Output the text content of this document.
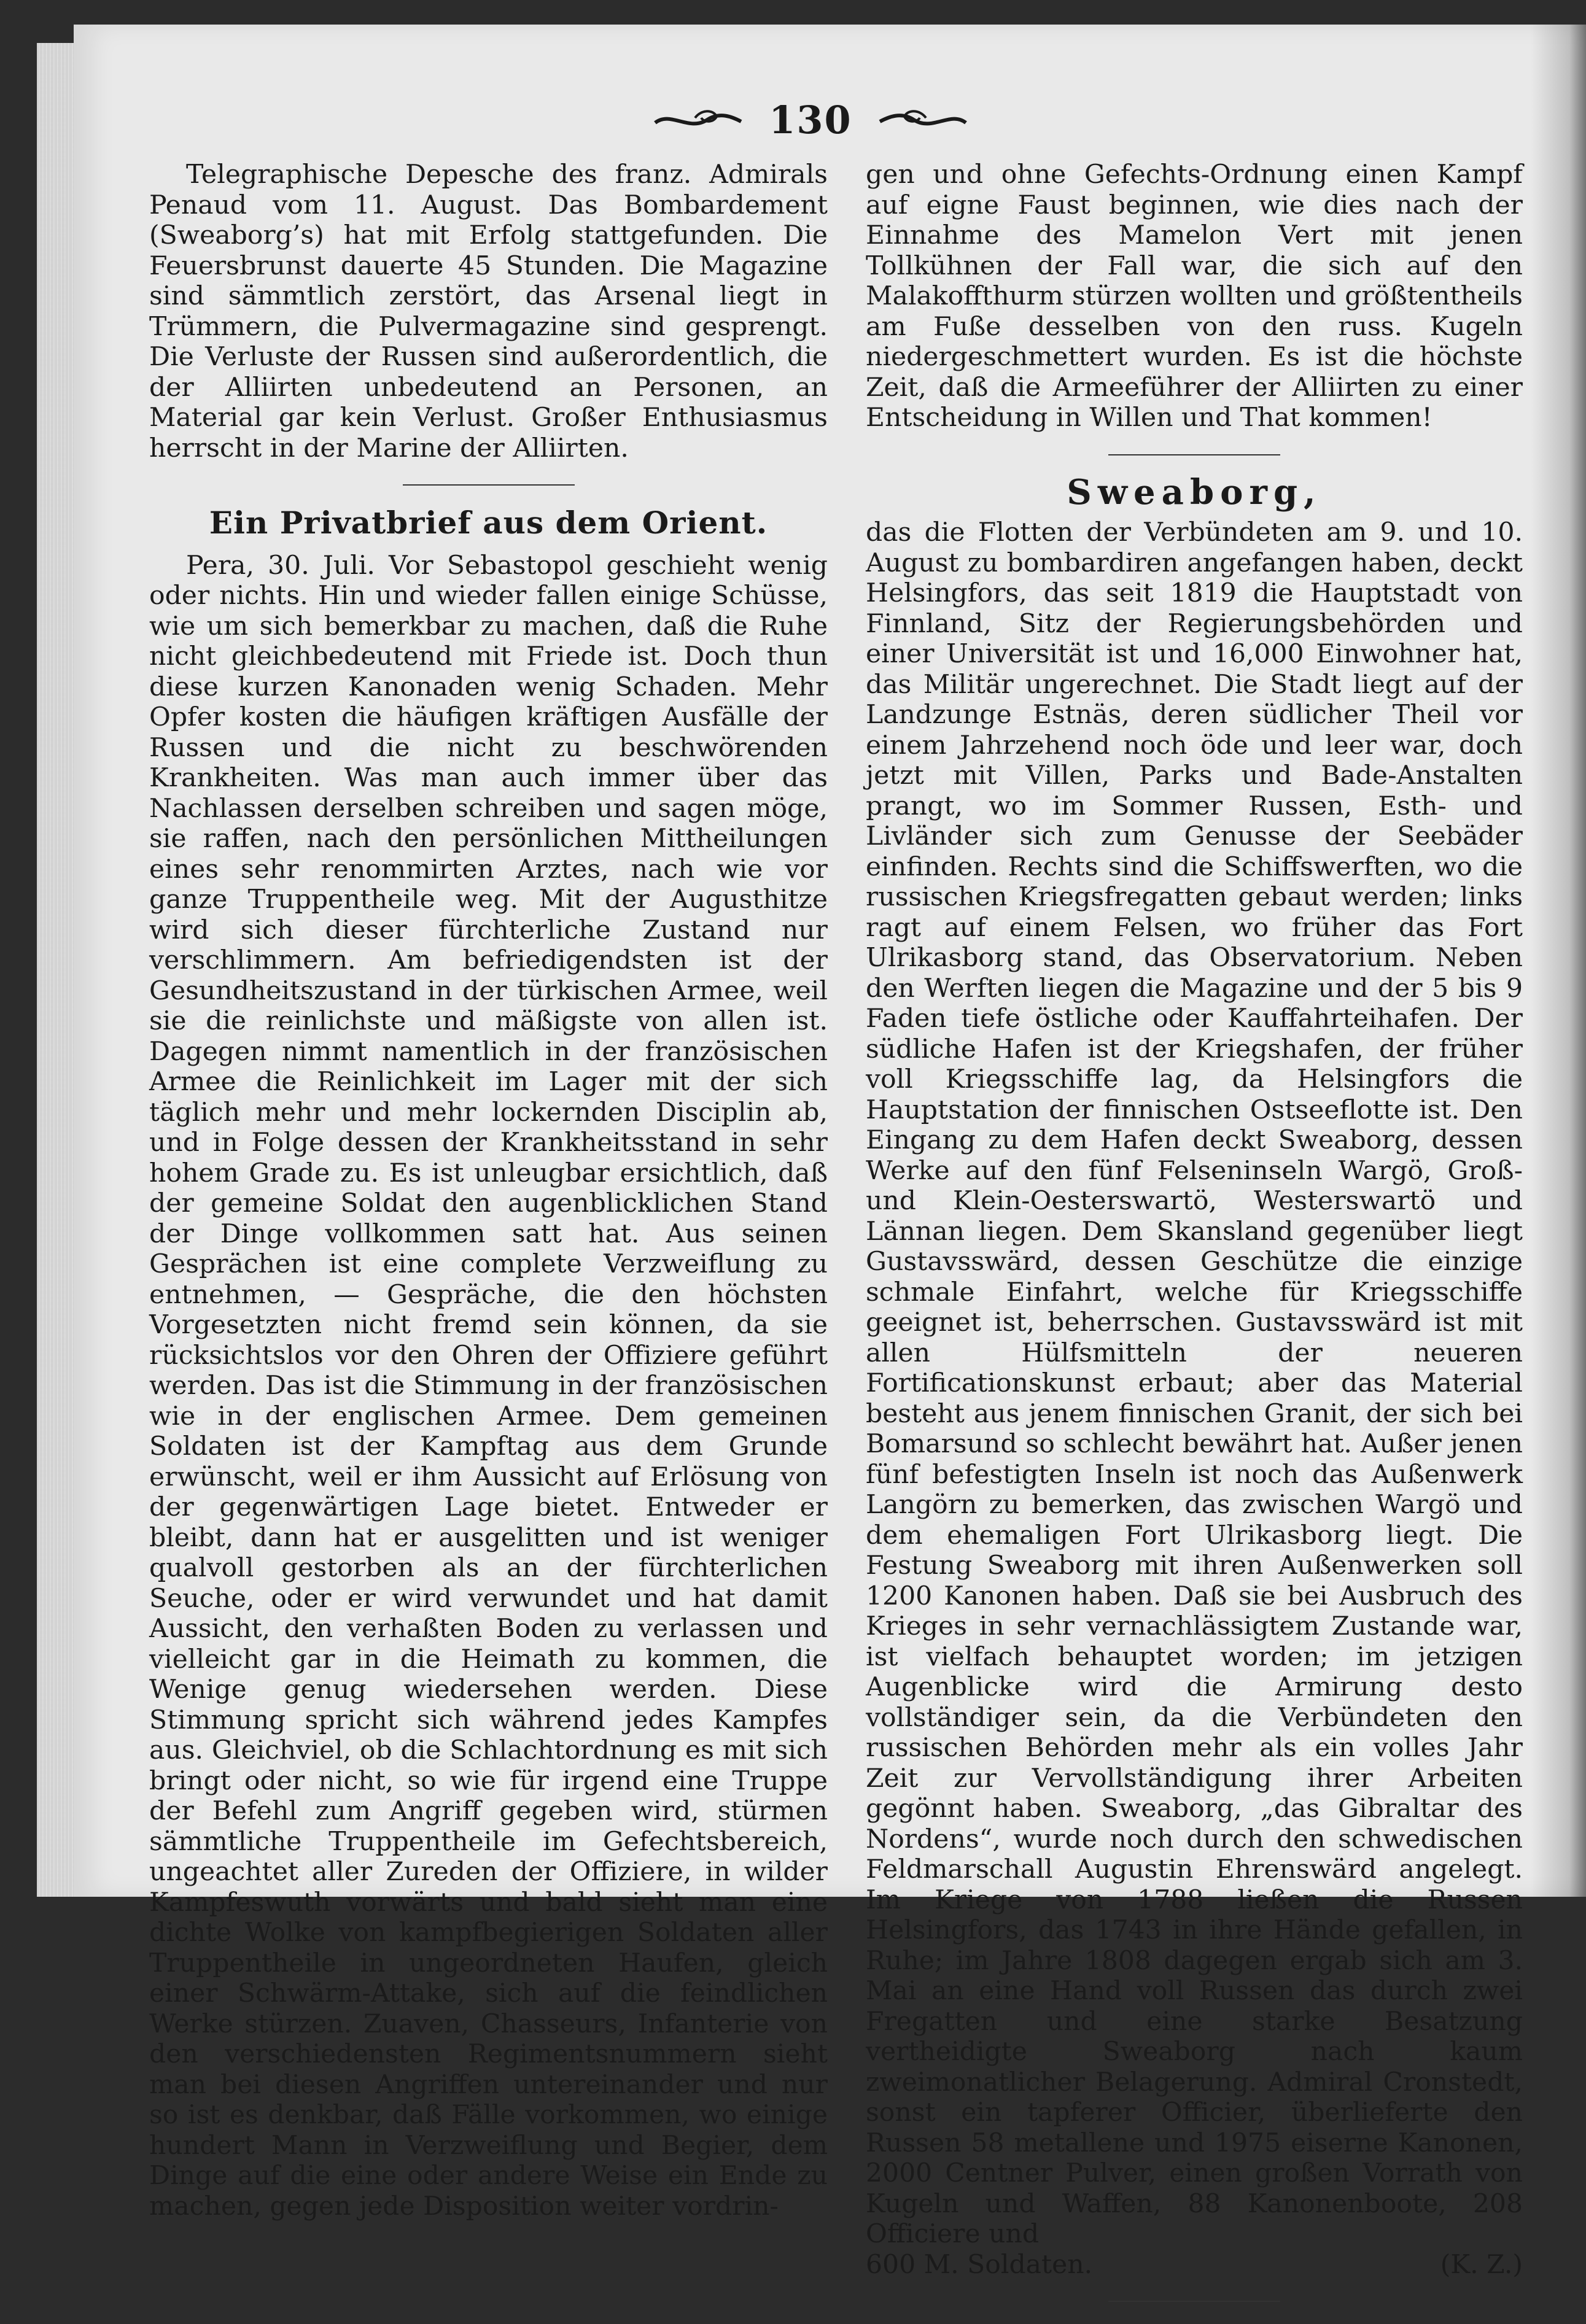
130

Telegraphische Depesche des franz. Admirals Penaud vom 11. August. Das Bombardement (Sweaborg’s) hat mit Erfolg stattgefunden. Die Feuersbrunst dauerte 45 Stunden. Die Magazine sind sämmtlich zerstört, das Arsenal liegt in Trümmern, die Pulvermagazine sind gesprengt. Die Verluste der Russen sind außerordentlich, die der Alliirten unbedeutend an Personen, an Material gar kein Verlust. Großer Enthusiasmus herrscht in der Marine der Alliirten.

Ein Privatbrief aus dem Orient.

Pera, 30. Juli. Vor Sebastopol geschieht wenig oder nichts. Hin und wieder fallen einige Schüsse, wie um sich bemerkbar zu machen, daß die Ruhe nicht gleichbedeutend mit Friede ist. Doch thun diese kurzen Kanonaden wenig Schaden. Mehr Opfer kosten die häufigen kräftigen Ausfälle der Russen und die nicht zu beschwörenden Krankheiten. Was man auch immer über das Nachlassen derselben schreiben und sagen möge, sie raffen, nach den persönlichen Mittheilungen eines sehr renommirten Arztes, nach wie vor ganze Truppentheile weg. Mit der Augusthitze wird sich dieser fürchterliche Zustand nur verschlimmern. Am befriedigendsten ist der Gesundheitszustand in der türkischen Armee, weil sie die reinlichste und mäßigste von allen ist. Dagegen nimmt namentlich in der französischen Armee die Reinlichkeit im Lager mit der sich täglich mehr und mehr lockernden Disciplin ab, und in Folge dessen der Krankheitsstand in sehr hohem Grade zu. Es ist unleugbar ersichtlich, daß der gemeine Soldat den augenblicklichen Stand der Dinge vollkommen satt hat. Aus seinen Gesprächen ist eine complete Verzweiflung zu entnehmen, — Gespräche, die den höchsten Vorgesetzten nicht fremd sein können, da sie rücksichtslos vor den Ohren der Offiziere geführt werden. Das ist die Stimmung in der französischen wie in der englischen Armee. Dem gemeinen Soldaten ist der Kampftag aus dem Grunde erwünscht, weil er ihm Aussicht auf Erlösung von der gegenwärtigen Lage bietet. Entweder er bleibt, dann hat er ausgelitten und ist weniger qualvoll gestorben als an der fürchterlichen Seuche, oder er wird verwundet und hat damit Aussicht, den verhaßten Boden zu verlassen und vielleicht gar in die Heimath zu kommen, die Wenige genug wiedersehen werden. Diese Stimmung spricht sich während jedes Kampfes aus. Gleichviel, ob die Schlachtordnung es mit sich bringt oder nicht, so wie für irgend eine Truppe der Befehl zum Angriff gegeben wird, stürmen sämmtliche Truppentheile im Gefechtsbereich, ungeachtet aller Zureden der Offiziere, in wilder Kampfeswuth vorwärts und bald sieht man eine dichte Wolke von kampfbegierigen Soldaten aller Truppentheile in ungeordneten Haufen, gleich einer Schwärm-Attake, sich auf die feindlichen Werke stürzen. Zuaven, Chasseurs, Infanterie von den verschiedensten Regimentsnummern sieht man bei diesen Angriffen untereinander und nur so ist es denkbar, daß Fälle vorkommen, wo einige hundert Mann in Verzweiflung und Begier, dem Dinge auf die eine oder andere Weise ein Ende zu machen, gegen jede Disposition weiter vordrin-

gen und ohne Gefechts-Ordnung einen Kampf auf eigne Faust beginnen, wie dies nach der Einnahme des Mamelon Vert mit jenen Tollkühnen der Fall war, die sich auf den Malakoffthurm stürzen wollten und größtentheils am Fuße desselben von den russ. Kugeln niedergeschmettert wurden. Es ist die höchste Zeit, daß die Armeeführer der Alliirten zu einer Entscheidung in Willen und That kommen!

Sweaborg,

das die Flotten der Verbündeten am 9. und 10. August zu bombardiren angefangen haben, deckt Helsingfors, das seit 1819 die Hauptstadt von Finnland, Sitz der Regierungsbehörden und einer Universität ist und 16,000 Einwohner hat, das Militär ungerechnet. Die Stadt liegt auf der Landzunge Estnäs, deren südlicher Theil vor einem Jahrzehend noch öde und leer war, doch jetzt mit Villen, Parks und Bade-Anstalten prangt, wo im Sommer Russen, Esth- und Livländer sich zum Genusse der Seebäder einfinden. Rechts sind die Schiffswerften, wo die russischen Kriegsfregatten gebaut werden; links ragt auf einem Felsen, wo früher das Fort Ulrikasborg stand, das Observatorium. Neben den Werften liegen die Magazine und der 5 bis 9 Faden tiefe östliche oder Kauffahrteihafen. Der südliche Hafen ist der Kriegshafen, der früher voll Kriegsschiffe lag, da Helsingfors die Hauptstation der finnischen Ostseeflotte ist. Den Eingang zu dem Hafen deckt Sweaborg, dessen Werke auf den fünf Felseninseln Wargö, Groß- und Klein-Oesterswartö, Westerswartö und Lännan liegen. Dem Skansland gegenüber liegt Gustavsswärd, dessen Geschütze die einzige schmale Einfahrt, welche für Kriegsschiffe geeignet ist, beherrschen. Gustavsswärd ist mit allen Hülfsmitteln der neueren Fortificationskunst erbaut; aber das Material besteht aus jenem finnischen Granit, der sich bei Bomarsund so schlecht bewährt hat. Außer jenen fünf befestigten Inseln ist noch das Außenwerk Langörn zu bemerken, das zwischen Wargö und dem ehemaligen Fort Ulrikasborg liegt. Die Festung Sweaborg mit ihren Außenwerken soll 1200 Kanonen haben. Daß sie bei Ausbruch des Krieges in sehr vernachlässigtem Zustande war, ist vielfach behauptet worden; im jetzigen Augenblicke wird die Armirung desto vollständiger sein, da die Verbündeten den russischen Behörden mehr als ein volles Jahr Zeit zur Vervollständigung ihrer Arbeiten gegönnt haben. Sweaborg, „das Gibraltar des Nordens“, wurde noch durch den schwedischen Feldmarschall Augustin Ehrenswärd angelegt. Im Kriege von 1788 ließen die Russen Helsingfors, das 1743 in ihre Hände gefallen, in Ruhe; im Jahre 1808 dagegen ergab sich am 3. Mai an eine Hand voll Russen das durch zwei Fregatten und eine starke Besatzung vertheidigte Sweaborg nach kaum zweimonatlicher Belagerung. Admiral Cronstedt, sonst ein tapferer Officier, überlieferte den Russen 58 metallene und 1975 eiserne Kanonen, 2000 Centner Pulver, einen großen Vorrath von Kugeln und Waffen, 88 Kanonenboote, 208 Officiere und

600 M. Soldaten.	(K. Z.)
